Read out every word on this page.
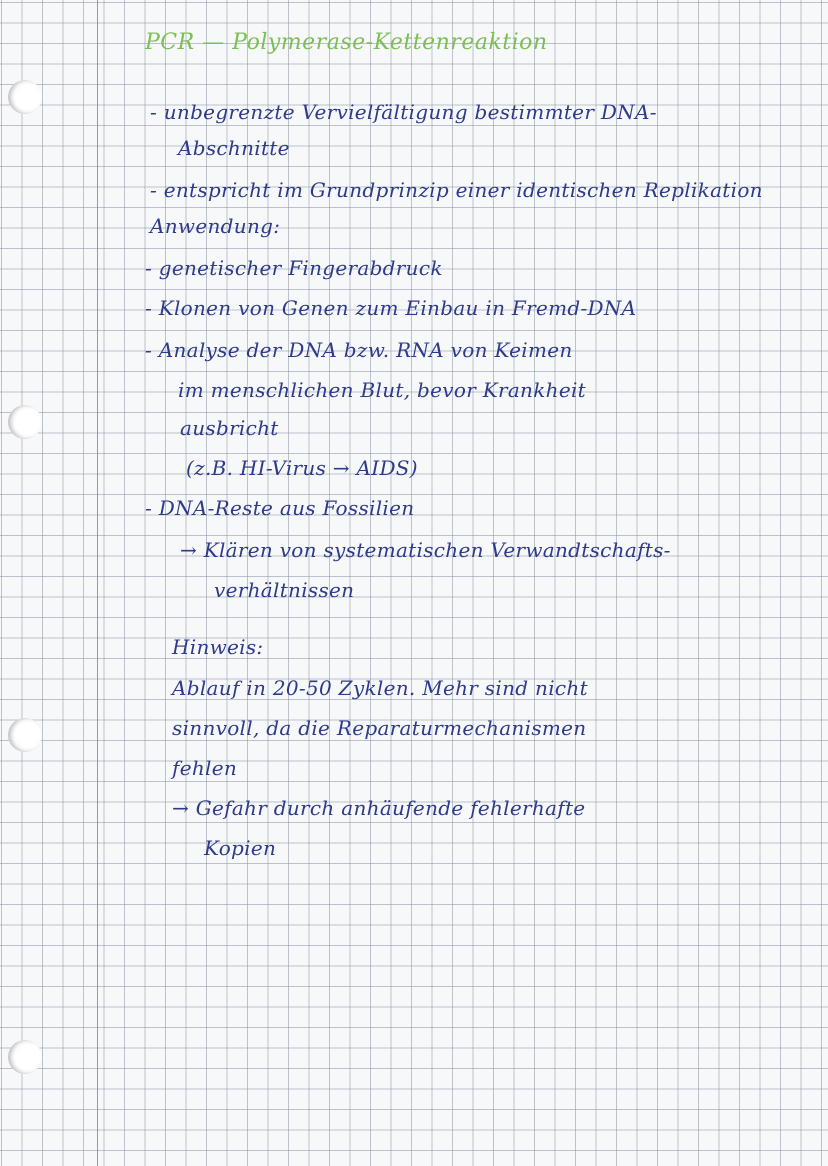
PCR — Polymerase-Kettenreaktion
- unbegrenzte Vervielfältigung bestimmter DNA-
Abschnitte
- entspricht im Grundprinzip einer identischen Replikation
Anwendung:
- genetischer Fingerabdruck
- Klonen von Genen zum Einbau in Fremd-DNA
- Analyse der DNA bzw. RNA von Keimen
im menschlichen Blut, bevor Krankheit
ausbricht
(z.B. HI-Virus → AIDS)
- DNA-Reste aus Fossilien
→ Klären von systematischen Verwandtschafts-
verhältnissen
Hinweis:
Ablauf in 20-50 Zyklen. Mehr sind nicht
sinnvoll, da die Reparaturmechanismen
fehlen
→ Gefahr durch anhäufende fehlerhafte
Kopien
